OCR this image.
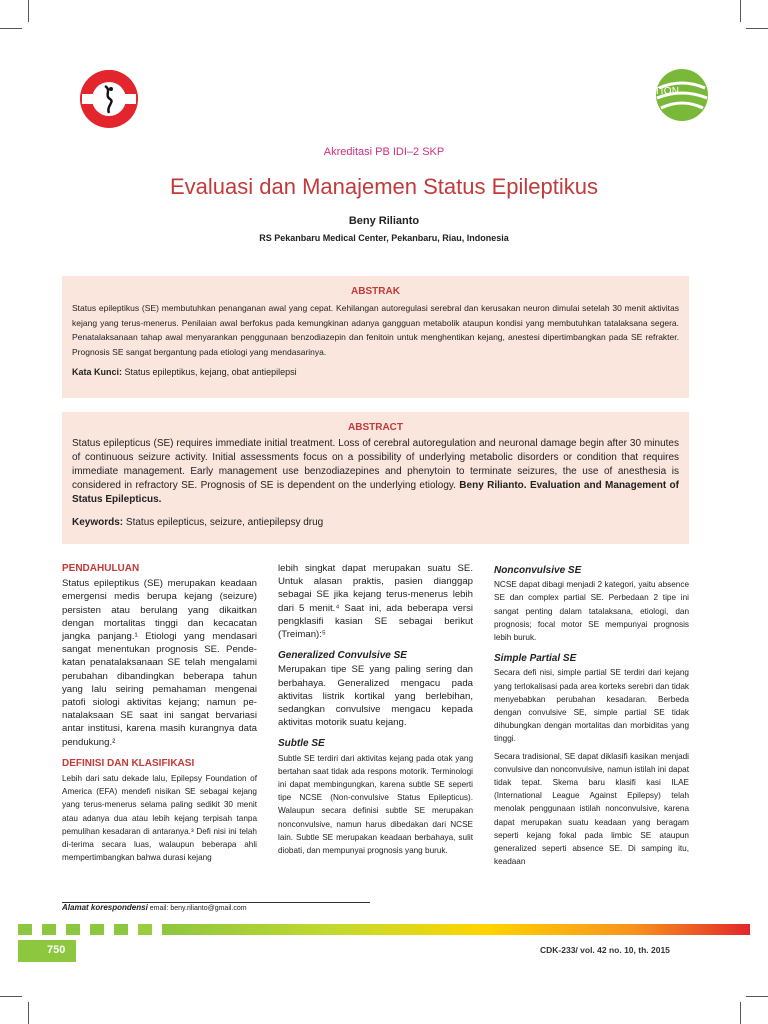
ATION
Akreditasi PB IDI–2 SKP
Evaluasi dan Manajemen Status Epileptikus
Beny Rilianto
RS Pekanbaru Medical Center, Pekanbaru, Riau, Indonesia
ABSTRAK

Status epileptikus (SE) membutuhkan penanganan awal yang cepat. Kehilangan autoregulasi serebral dan kerusakan neuron dimulai setelah 30 menit aktivitas kejang yang terus-menerus. Penilaian awal berfokus pada kemungkinan adanya gangguan metabolik ataupun kondisi yang membutuhkan tatalaksana segera. Penatalaksanaan tahap awal menyarankan penggunaan benzodiazepin dan fenitoin untuk menghentikan kejang, anestesi dipertimbangkan pada SE refrakter. Prognosis SE sangat bergantung pada etiologi yang mendasarinya.

Kata Kunci: Status epileptikus, kejang, obat antiepilepsi

ABSTRACT

Status epilepticus (SE) requires immediate initial treatment. Loss of cerebral autoregulation and neuronal damage begin after 30 minutes of continuous seizure activity. Initial assessments focus on a possibility of underlying metabolic disorders or condition that requires immediate management. Early management use benzodiazepines and phenytoin to terminate seizures, the use of anesthesia is considered in refractory SE. Prognosis of SE is dependent on the underlying etiology. Beny Rilianto. Evaluation and Management of Status Epilepticus.

Keywords: Status epilepticus, seizure, antiepilepsy drug

PENDAHULUAN

Status epileptikus (SE) merupakan keadaan emergensi medis berupa kejang (seizure) persisten atau berulang yang dikaitkan dengan mortalitas tinggi dan kecacatan jangka panjang.¹ Etiologi yang mendasari sangat menentukan prognosis SE. Pende-katan penatalaksanaan SE telah mengalami perubahan dibandingkan beberapa tahun yang lalu seiring pemahaman mengenai patofi siologi aktivitas kejang; namun pe-natalaksaan SE saat ini sangat bervariasi antar institusi, karena masih kurangnya data pendukung.²

DEFINISI DAN KLASIFIKASI

Lebih dari satu dekade lalu, Epilepsy Foundation of America (EFA) mendefi nisikan SE sebagai kejang yang terus-menerus selama paling sedikit 30 menit atau adanya dua atau lebih kejang terpisah tanpa pemulihan kesadaran di antaranya.³ Defi nisi ini telah di-terima secara luas, walaupun beberapa ahli mempertimbangkan bahwa durasi kejang

lebih singkat dapat merupakan suatu SE. Untuk alasan praktis, pasien dianggap sebagai SE jika kejang terus-menerus lebih dari 5 menit.⁴ Saat ini, ada beberapa versi pengklasifi kasian SE sebagai berikut (Treiman):⁵

Generalized Convulsive SE

Merupakan tipe SE yang paling sering dan berbahaya. Generalized mengacu pada aktivitas listrik kortikal yang berlebihan, sedangkan convulsive mengacu kepada aktivitas motorik suatu kejang.

Subtle SE

Subtle SE terdiri dari aktivitas kejang pada otak yang bertahan saat tidak ada respons motorik. Terminologi ini dapat membingungkan, karena subtle SE seperti tipe NCSE (Non-convulsive Status Epilepticus). Walaupun secara definisi subtle SE merupakan nonconvulsive, namun harus dibedakan dari NCSE lain. Subtle SE merupakan keadaan berbahaya, sulit diobati, dan mempunyai prognosis yang buruk.

Nonconvulsive SE

NCSE dapat dibagi menjadi 2 kategori, yaitu absence SE dan complex partial SE. Perbedaan 2 tipe ini sangat penting dalam tatalaksana, etiologi, dan prognosis; focal motor SE mempunyai prognosis lebih buruk.

Simple Partial SE

Secara defi nisi, simple partial SE terdiri dari kejang yang terlokalisasi pada area korteks serebri dan tidak menyebabkan perubahan kesadaran. Berbeda dengan convulsive SE, simple partial SE tidak dihubungkan dengan mortalitas dan morbiditas yang tinggi.

Secara tradisional, SE dapat diklasifi kasikan menjadi convulsive dan nonconvulsive, namun istilah ini dapat tidak tepat. Skema baru klasifi kasi ILAE (International League Against Epilepsy) telah menolak penggunaan istilah nonconvulsive, karena dapat merupakan suatu keadaan yang beragam seperti kejang fokal pada limbic SE ataupun generalized seperti absence SE. Di samping itu, keadaan

Alamat korespondensi email: beny.rilianto@gmail.com
750	CDK-233/ vol. 42 no. 10, th. 2015
